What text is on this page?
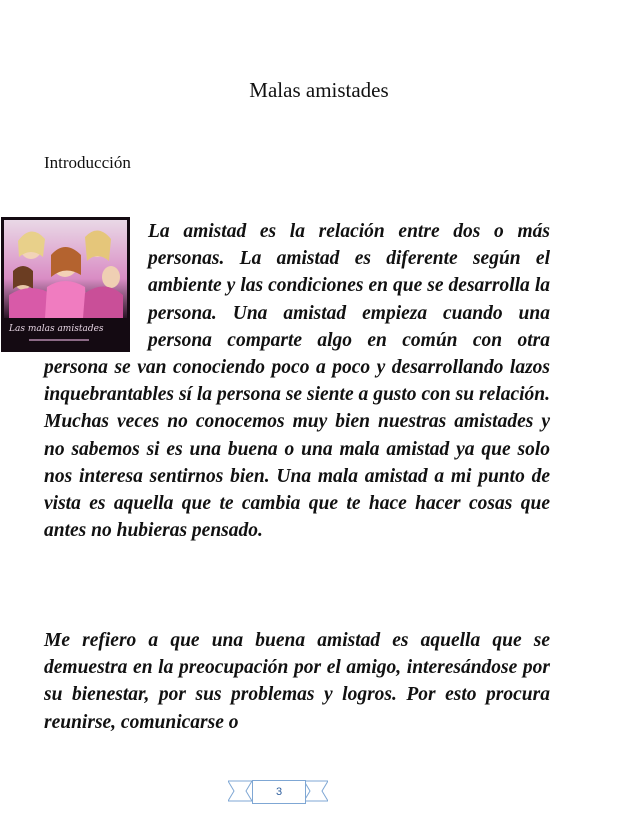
Malas amistades
Introducción
Las malas amistades

La amistad es la relación entre dos o más personas. La amistad es diferente según el ambiente y las condiciones en que se desarrolla la persona. Una amistad empieza cuando una persona comparte algo en común con otra persona se van conociendo poco a poco y desarrollando lazos inquebrantables sí la persona se siente a gusto con su relación. Muchas veces no conocemos muy bien nuestras amistades y no sabemos si es una buena o una mala amistad ya que solo nos interesa sentirnos bien. Una mala amistad a mi punto de vista es aquella que te cambia que te hace hacer cosas que antes no hubieras pensado.

Me refiero a que una buena amistad es aquella que se demuestra en la preocupación por el amigo, interesándose por su bienestar, por sus problemas y logros. Por esto procura reunirse, comunicarse o

3
